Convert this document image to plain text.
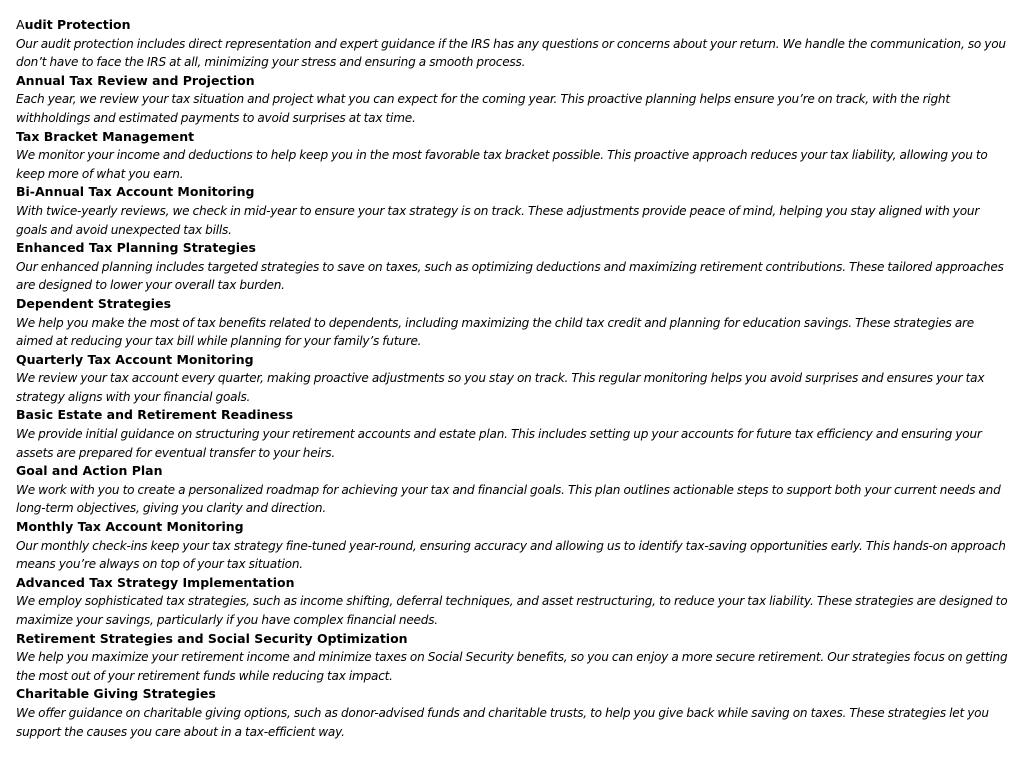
Audit Protection
Our audit protection includes direct representation and expert guidance if the IRS has any questions or concerns about your return. We handle the communication, so you don’t have to face the IRS at all, minimizing your stress and ensuring a smooth process.
Annual Tax Review and Projection
Each year, we review your tax situation and project what you can expect for the coming year. This proactive planning helps ensure you’re on track, with the right withholdings and estimated payments to avoid surprises at tax time.
Tax Bracket Management
We monitor your income and deductions to help keep you in the most favorable tax bracket possible. This proactive approach reduces your tax liability, allowing you to keep more of what you earn.
Bi-Annual Tax Account Monitoring
With twice-yearly reviews, we check in mid-year to ensure your tax strategy is on track. These adjustments provide peace of mind, helping you stay aligned with your goals and avoid unexpected tax bills.
Enhanced Tax Planning Strategies
Our enhanced planning includes targeted strategies to save on taxes, such as optimizing deductions and maximizing retirement contributions. These tailored approaches are designed to lower your overall tax burden.
Dependent Strategies
We help you make the most of tax benefits related to dependents, including maximizing the child tax credit and planning for education savings. These strategies are aimed at reducing your tax bill while planning for your family’s future.
Quarterly Tax Account Monitoring
We review your tax account every quarter, making proactive adjustments so you stay on track. This regular monitoring helps you avoid surprises and ensures your tax strategy aligns with your financial goals.
Basic Estate and Retirement Readiness
We provide initial guidance on structuring your retirement accounts and estate plan. This includes setting up your accounts for future tax efficiency and ensuring your assets are prepared for eventual transfer to your heirs.
Goal and Action Plan
We work with you to create a personalized roadmap for achieving your tax and financial goals. This plan outlines actionable steps to support both your current needs and long-term objectives, giving you clarity and direction.
Monthly Tax Account Monitoring
Our monthly check-ins keep your tax strategy fine-tuned year-round, ensuring accuracy and allowing us to identify tax-saving opportunities early. This hands-on approach means you’re always on top of your tax situation.
Advanced Tax Strategy Implementation
We employ sophisticated tax strategies, such as income shifting, deferral techniques, and asset restructuring, to reduce your tax liability. These strategies are designed to maximize your savings, particularly if you have complex financial needs.
Retirement Strategies and Social Security Optimization
We help you maximize your retirement income and minimize taxes on Social Security benefits, so you can enjoy a more secure retirement. Our strategies focus on getting the most out of your retirement funds while reducing tax impact.
Charitable Giving Strategies
We offer guidance on charitable giving options, such as donor-advised funds and charitable trusts, to help you give back while saving on taxes. These strategies let you support the causes you care about in a tax-efficient way.
